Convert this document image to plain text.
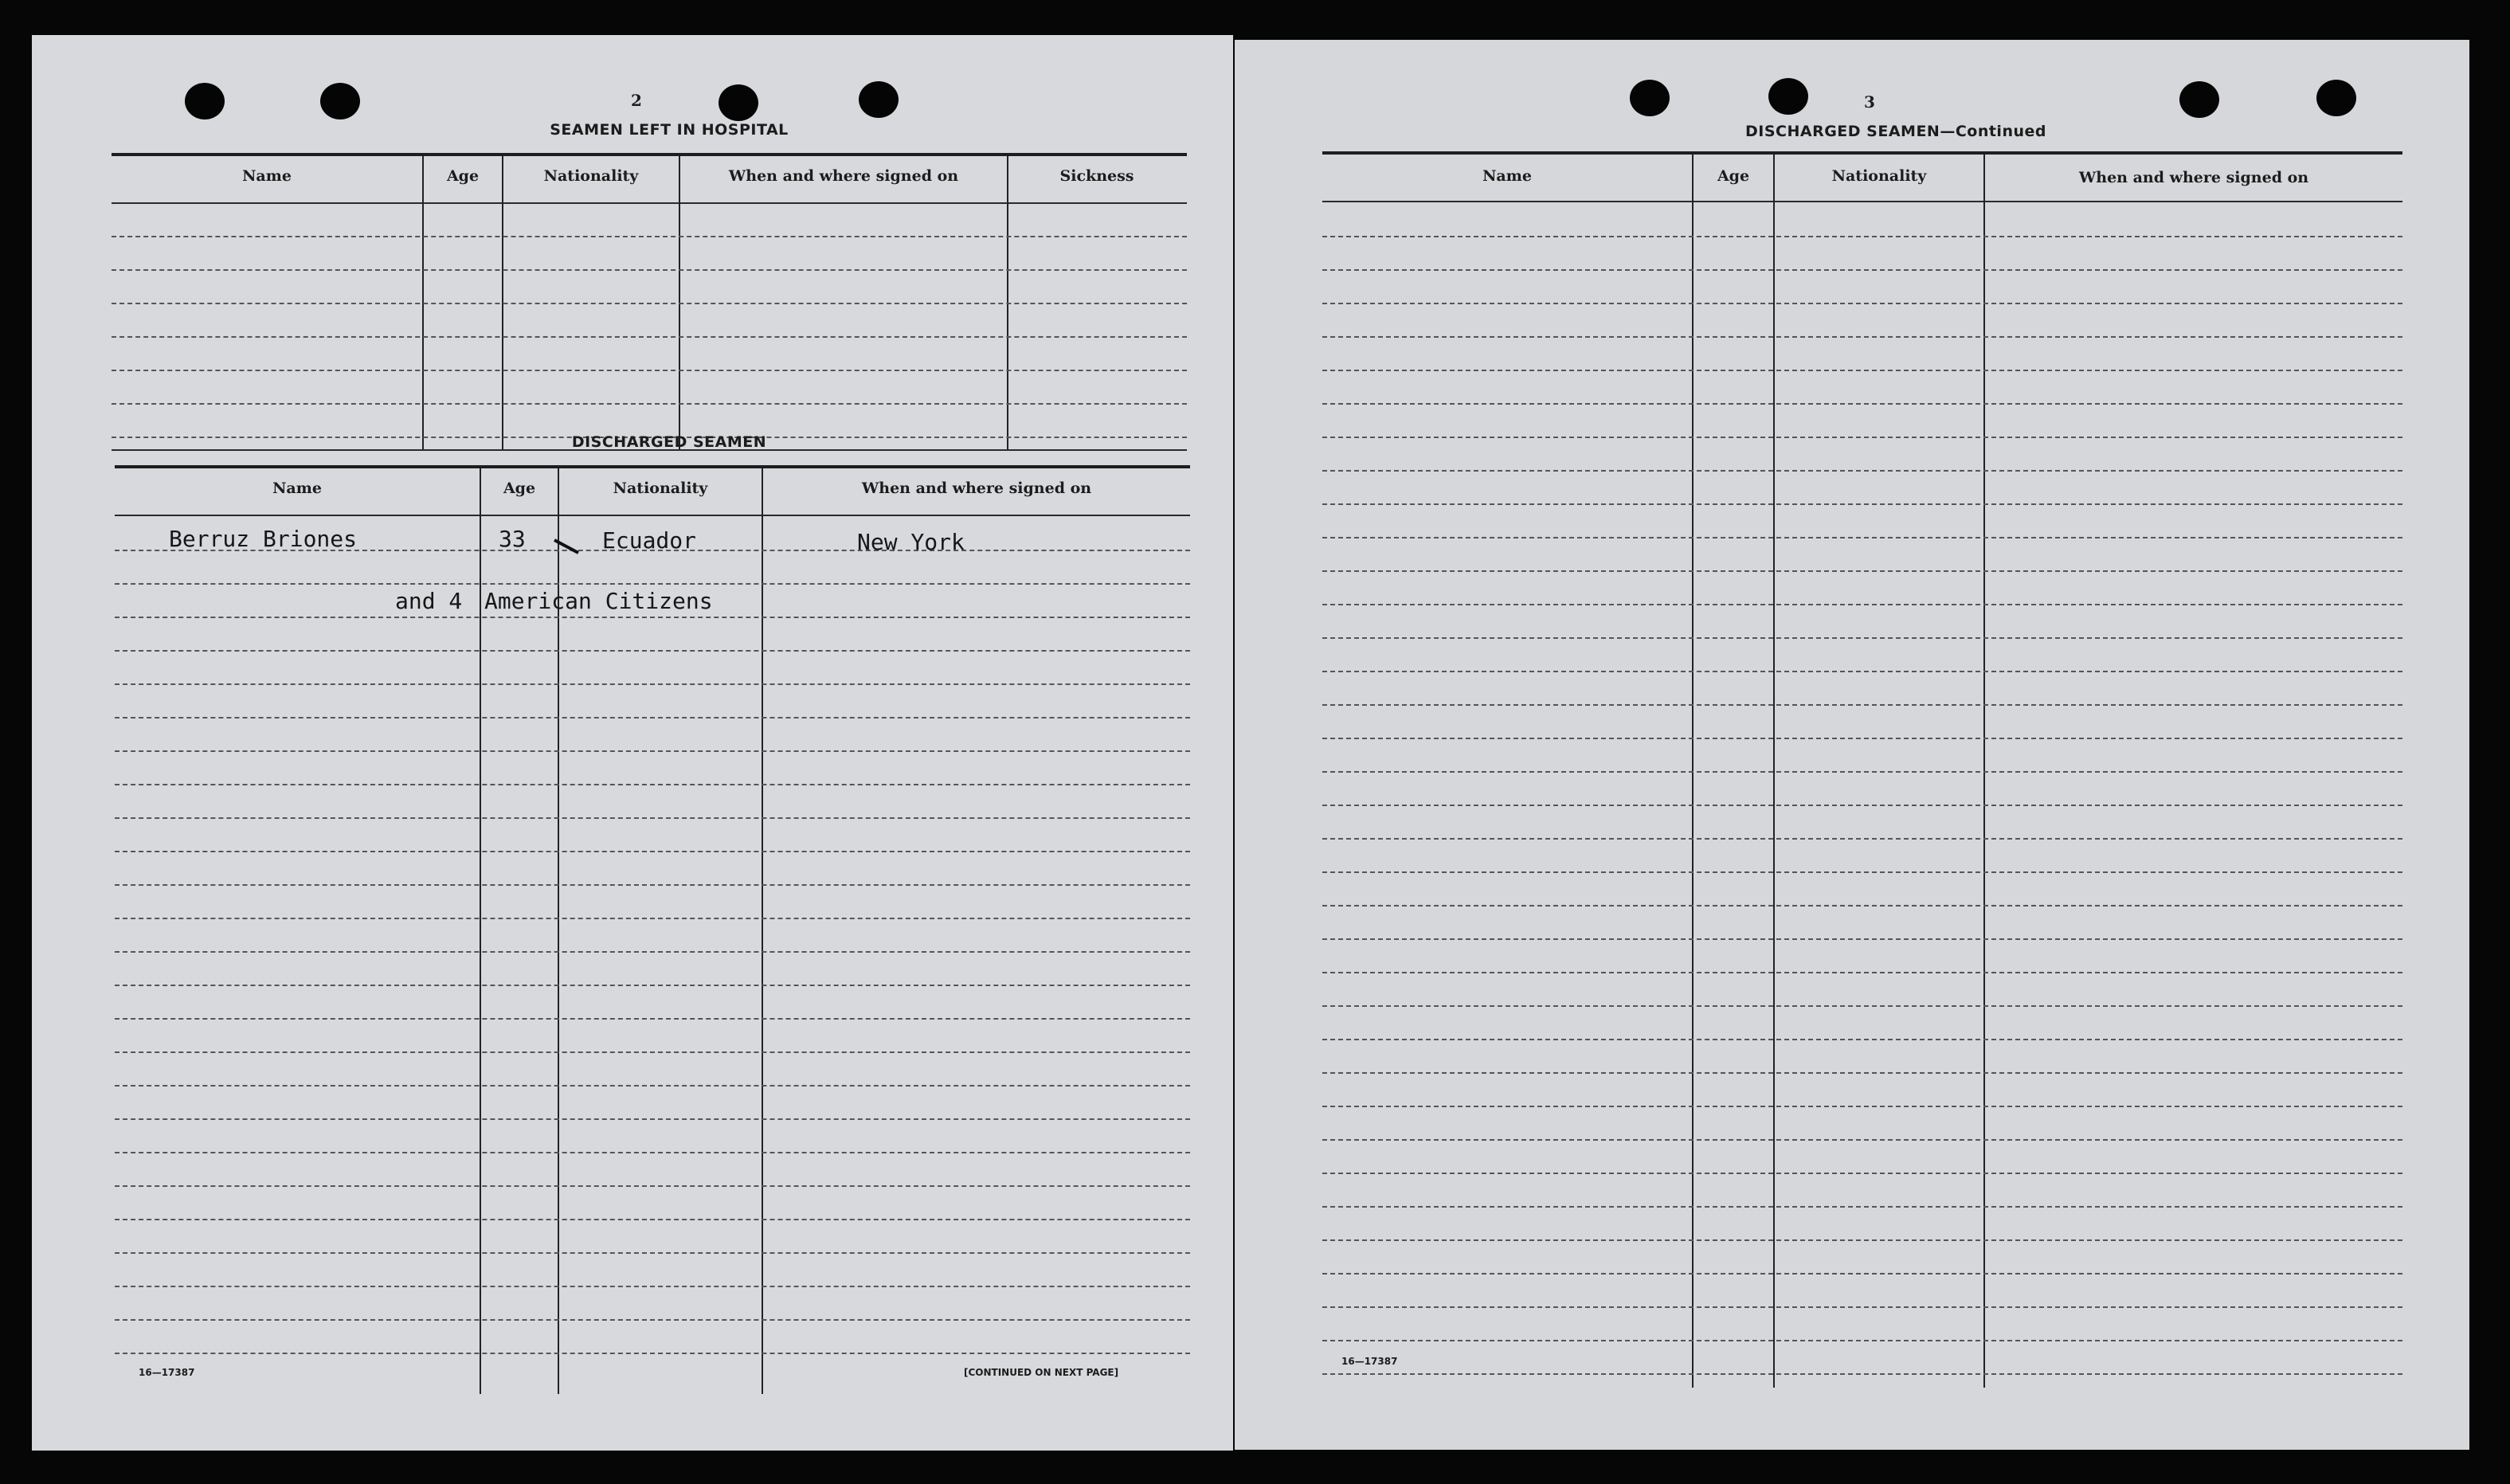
2
SEAMEN LEFT IN HOSPITAL
Name	Age	Nationality	When and where signed on	Sickness
DISCHARGED SEAMEN
Name	Age	Nationality	When and where signed on
Berruz Briones	33	Ecuador	New York
and 4 American Citizens
16—17387	[CONTINUED ON NEXT PAGE]
3
DISCHARGED SEAMEN—Continued
Name	Age	Nationality	When and where signed on
16—17387
